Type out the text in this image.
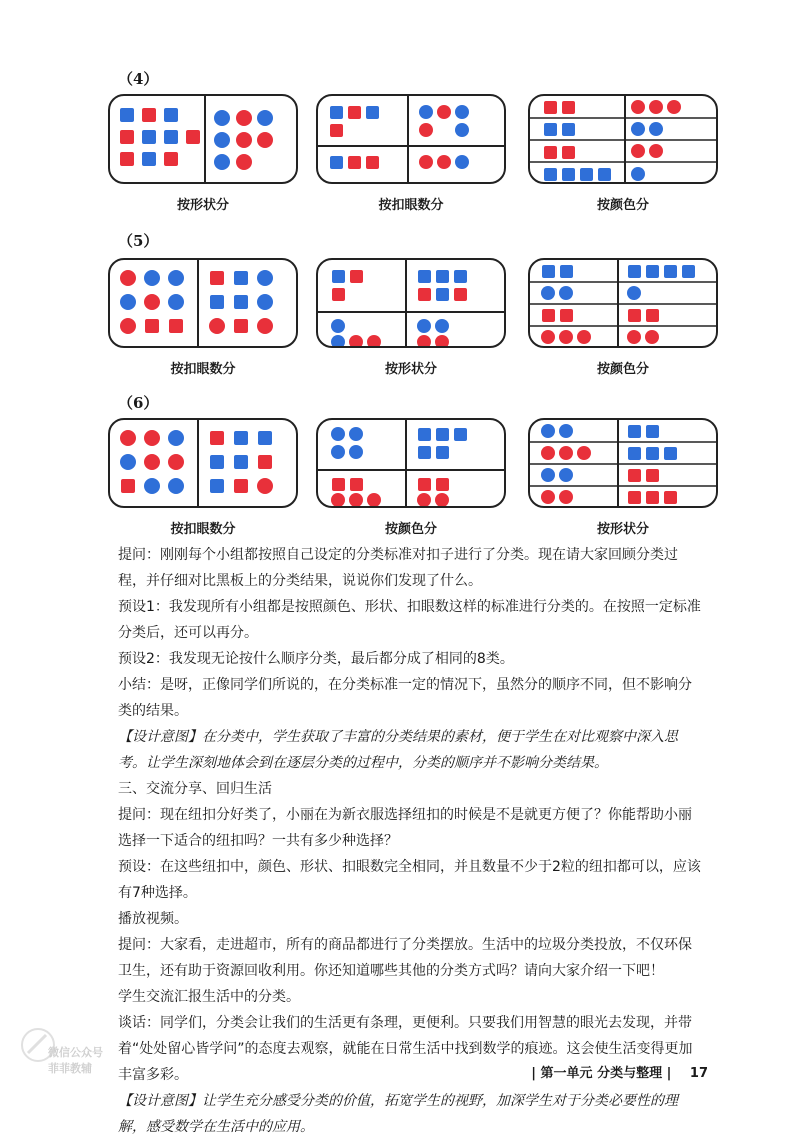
（4）
按形状分	按扣眼数分	按颜色分
（5）
按扣眼数分	按形状分	按颜色分
（6）
按扣眼数分	按颜色分	按形状分

提问：刚刚每个小组都按照自己设定的分类标准对扣子进行了分类。现在请大家回顾分类过程，并仔细对比黑板上的分类结果，说说你们发现了什么。

预设1：我发现所有小组都是按照颜色、形状、扣眼数这样的标准进行分类的。在按照一定标准分类后，还可以再分。

预设2：我发现无论按什么顺序分类，最后都分成了相同的8类。

小结：是呀，正像同学们所说的，在分类标准一定的情况下，虽然分的顺序不同，但不影响分类的结果。

【设计意图】在分类中，学生获取了丰富的分类结果的素材，便于学生在对比观察中深入思考。让学生深刻地体会到在逐层分类的过程中，分类的顺序并不影响分类结果。

三、交流分享、回归生活

提问：现在纽扣分好类了，小丽在为新衣服选择纽扣的时候是不是就更方便了？你能帮助小丽选择一下适合的纽扣吗？一共有多少种选择？

预设：在这些纽扣中，颜色、形状、扣眼数完全相同，并且数量不少于2粒的纽扣都可以，应该有7种选择。

播放视频。

提问：大家看，走进超市，所有的商品都进行了分类摆放。生活中的垃圾分类投放，不仅环保卫生，还有助于资源回收利用。你还知道哪些其他的分类方式吗？请向大家介绍一下吧！

学生交流汇报生活中的分类。

谈话：同学们，分类会让我们的生活更有条理，更便利。只要我们用智慧的眼光去发现，并带着“处处留心皆学问”的态度去观察，就能在日常生活中找到数学的痕迹。这会使生活变得更加丰富多彩。

【设计意图】让学生充分感受分类的价值，拓宽学生的视野，加深学生对于分类必要性的理解，感受数学在生活中的应用。

微信公众号
菲菲教辅	| 第一单元 分类与整理 | 17
